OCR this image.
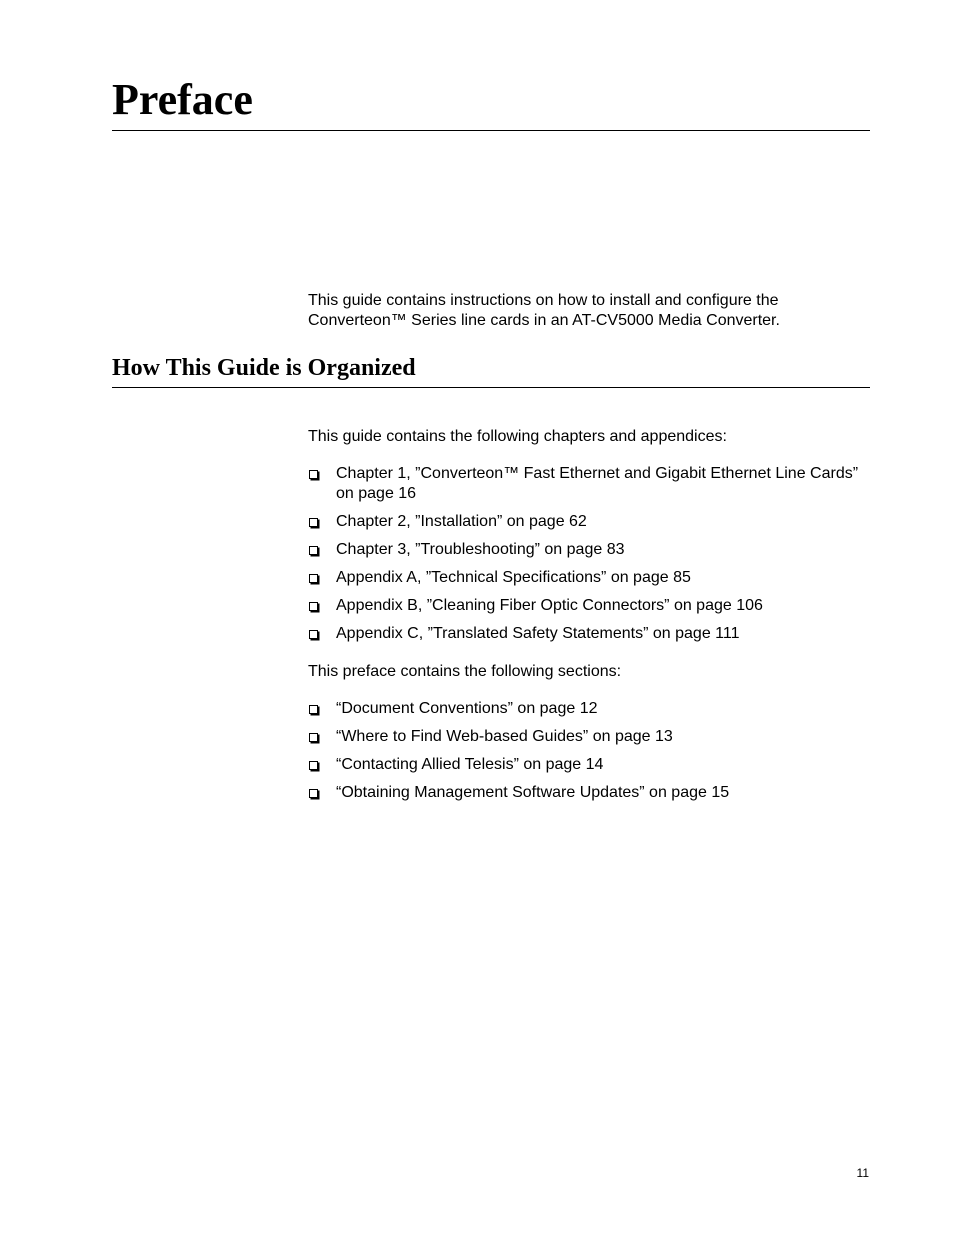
Preface

This guide contains instructions on how to install and configure the Converteon™ Series line cards in an AT-CV5000 Media Converter.

How This Guide is Organized

This guide contains the following chapters and appendices:

Chapter 1, ”Converteon™ Fast Ethernet and Gigabit Ethernet Line Cards” on page 16
Chapter 2, ”Installation” on page 62
Chapter 3, ”Troubleshooting” on page 83
Appendix A, ”Technical Specifications” on page 85
Appendix B, ”Cleaning Fiber Optic Connectors” on page 106
Appendix C, ”Translated Safety Statements” on page 111

This preface contains the following sections:

“Document Conventions” on page 12
“Where to Find Web-based Guides” on page 13
“Contacting Allied Telesis” on page 14
“Obtaining Management Software Updates” on page 15
11
